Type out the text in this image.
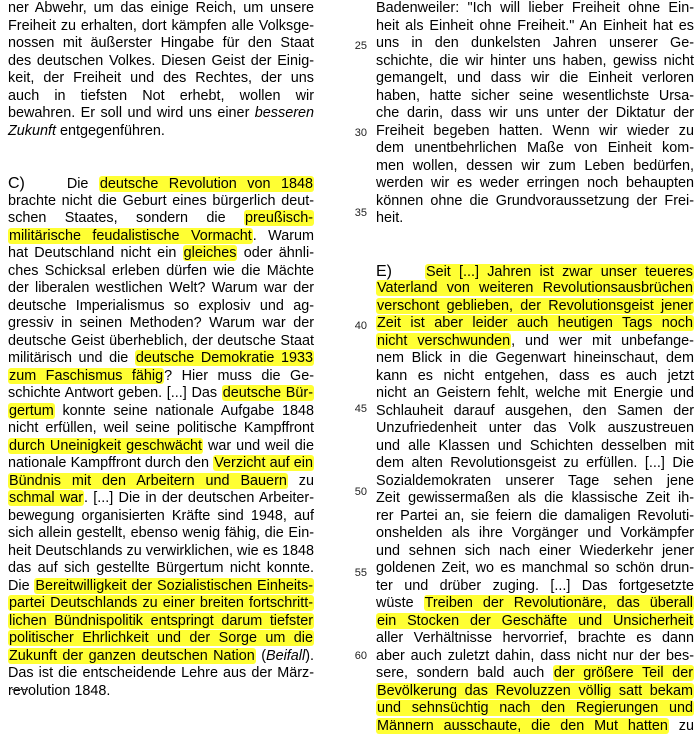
ner Abwehr, um das einige Reich, um unsere
Freiheit zu erhalten, dort kämpfen alle Volksge-
nossen mit äußerster Hingabe für den Staat
des deutschen Volkes. Diesen Geist der Einig-
keit, der Freiheit und des Rechtes, der uns
auch in tiefsten Not erhebt, wollen wir
bewahren. Er soll und wird uns einer besseren
Zukunft entgegenführen.
C)	Die deutsche Revolution von 1848
brachte nicht die Geburt eines bürgerlich deut-
schen Staates, sondern die preußisch-
militärische feudalistische Vormacht. Warum
hat Deutschland nicht ein gleiches oder ähnli-
ches Schicksal erleben dürfen wie die Mächte
der liberalen westlichen Welt? Warum war der
deutsche Imperialismus so explosiv und ag-
gressiv in seinen Methoden? Warum war der
deutsche Geist überheblich, der deutsche Staat
militärisch und die deutsche Demokratie 1933
zum Faschismus fähig? Hier muss die Ge-
schichte Antwort geben. [...] Das deutsche Bür-
gertum konnte seine nationale Aufgabe 1848
nicht erfüllen, weil seine politische Kampffront
durch Uneinigkeit geschwächt war und weil die
nationale Kampffront durch den Verzicht auf ein
Bündnis mit den Arbeitern und Bauern zu
schmal war. [...] Die in der deutschen Arbeiter-
bewegung organisierten Kräfte sind 1948, auf
sich allein gestellt, ebenso wenig fähig, die Ein-
heit Deutschlands zu verwirklichen, wie es 1848
das auf sich gestellte Bürgertum nicht konnte.
Die Bereitwilligkeit der Sozialistischen Einheits-
partei Deutschlands zu einer breiten fortschritt-
lichen Bündnispolitik entspringt darum tiefster
politischer Ehrlichkeit und der Sorge um die
Zukunft der ganzen deutschen Nation (Beifall).
Das ist die entscheidende Lehre aus der März-
revolution 1848.
25
30
35
40
45
50
55
60
Badenweiler: "Ich will lieber Freiheit ohne Ein-
heit als Einheit ohne Freiheit." An Einheit hat es
uns in den dunkelsten Jahren unserer Ge-
schichte, die wir hinter uns haben, gewiss nicht
gemangelt, und dass wir die Einheit verloren
haben, hatte sicher seine wesentlichste Ursa-
che darin, dass wir uns unter der Diktatur der
Freiheit begeben hatten. Wenn wir wieder zu
dem unentbehrlichen Maße von Einheit kom-
men wollen, dessen wir zum Leben bedürfen,
werden wir es weder erringen noch behaupten
können ohne die Grundvoraussetzung der Frei-
heit.
E) Seit [...] Jahren ist zwar unser teueres
Vaterland von weiteren Revolutionsausbrüchen
verschont geblieben, der Revolutionsgeist jener
Zeit ist aber leider auch heutigen Tags noch
nicht verschwunden, und wer mit unbefange-
nem Blick in die Gegenwart hineinschaut, dem
kann es nicht entgehen, dass es auch jetzt
nicht an Geistern fehlt, welche mit Energie und
Schlauheit darauf ausgehen, den Samen der
Unzufriedenheit unter das Volk auszustreuen
und alle Klassen und Schichten desselben mit
dem alten Revolutionsgeist zu erfüllen. [...] Die
Sozialdemokraten unserer Tage sehen jene
Zeit gewissermaßen als die klassische Zeit ih-
rer Partei an, sie feiern die damaligen Revoluti-
onshelden als ihre Vorgänger und Vorkämpfer
und sehnen sich nach einer Wiederkehr jener
goldenen Zeit, wo es manchmal so schön drun-
ter und drüber zuging. [...] Das fortgesetzte
wüste Treiben der Revolutionäre, das überall
ein Stocken der Geschäfte und Unsicherheit
aller Verhältnisse hervorrief, brachte es dann
aber auch zuletzt dahin, dass nicht nur der bes-
sere, sondern bald auch der größere Teil der
Bevölkerung das Revoluzzen völlig satt bekam
und sehnsüchtig nach den Regierungen und
Männern ausschaute, die den Mut hatten zu
